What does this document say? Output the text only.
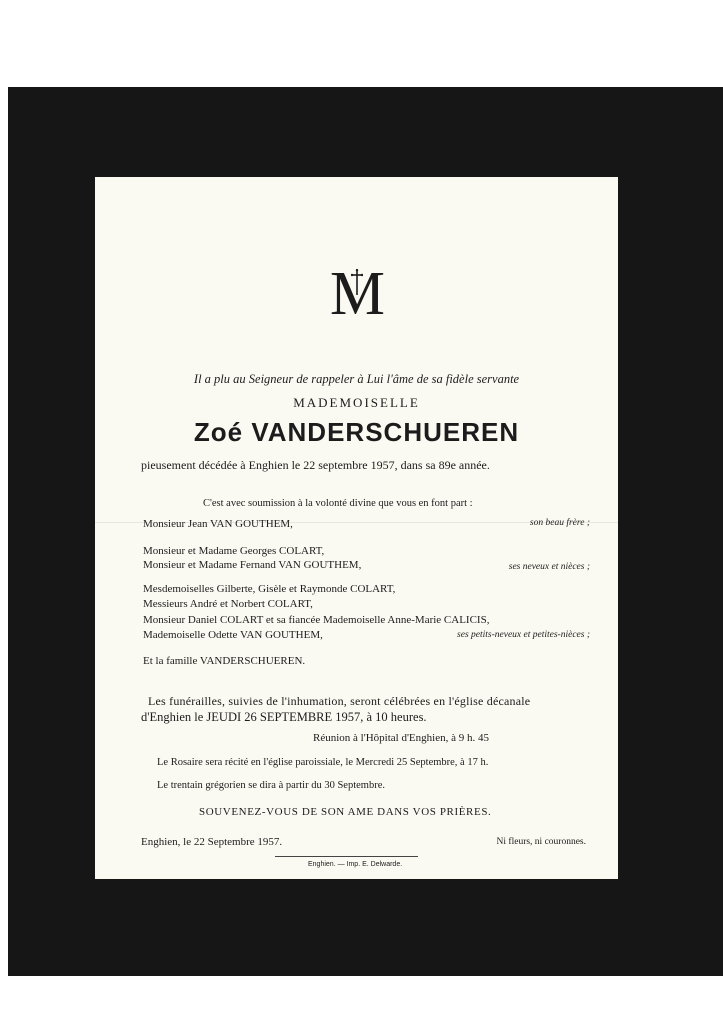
M
Il a plu au Seigneur de rappeler à Lui l'âme de sa fidèle servante
MADEMOISELLE
Zoé VANDERSCHUEREN
pieusement décédée à Enghien le 22 septembre 1957, dans sa 89e année.
C'est avec soumission à la volonté divine que vous en font part :
Monsieur Jean VAN GOUTHEM,	son beau frère ;
Monsieur et Madame Georges COLART,
Monsieur et Madame Fernand VAN GOUTHEM,	ses neveux et nièces ;
Mesdemoiselles Gilberte, Gisèle et Raymonde COLART,
Messieurs André et Norbert COLART,
Monsieur Daniel COLART et sa fiancée Mademoiselle Anne-Marie CALICIS,
Mademoiselle Odette VAN GOUTHEM,	ses petits-neveux et petites-nièces ;
Et la famille VANDERSCHUEREN.
Les funérailles, suivies de l'inhumation, seront célébrées en l'église décanale
d'Enghien le JEUDI 26 SEPTEMBRE 1957, à 10 heures.
Réunion à l'Hôpital d'Enghien, à 9 h. 45
Le Rosaire sera récité en l'église paroissiale, le Mercredi 25 Septembre, à 17 h.
Le trentain grégorien se dira à partir du 30 Septembre.
SOUVENEZ-VOUS DE SON AME DANS VOS PRIÈRES.
Enghien, le 22 Septembre 1957.	Ni fleurs, ni couronnes.
Enghien. — Imp. E. Delwarde.
